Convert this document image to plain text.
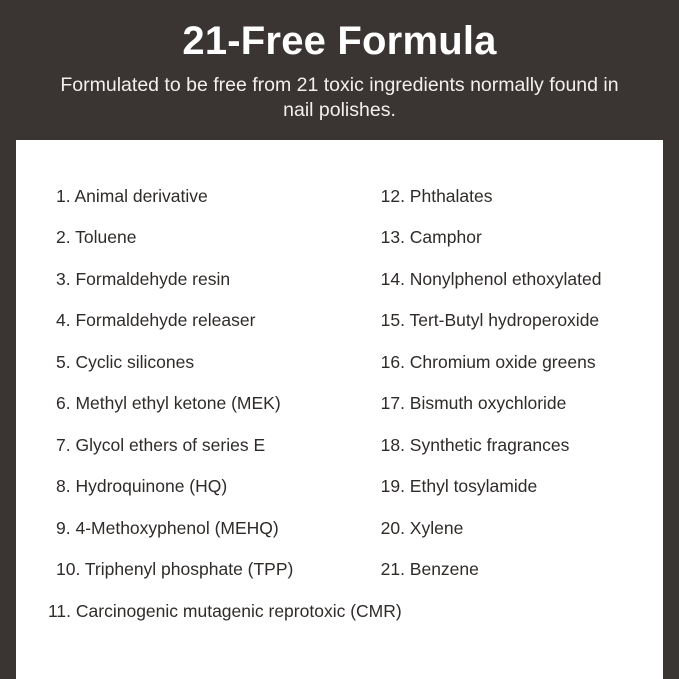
21-Free Formula

Formulated to be free from 21 toxic ingredients normally found in nail polishes.

1. Animal derivative
2. Toluene
3. Formaldehyde resin
4. Formaldehyde releaser
5. Cyclic silicones
6. Methyl ethyl ketone (MEK)
7. Glycol ethers of series E
8. Hydroquinone (HQ)
9. 4-Methoxyphenol (MEHQ)
10. Triphenyl phosphate (TPP)
12. Phthalates
13. Camphor
14. Nonylphenol ethoxylated
15. Tert-Butyl hydroperoxide
16. Chromium oxide greens
17. Bismuth oxychloride
18. Synthetic fragrances
19. Ethyl tosylamide
20. Xylene
21. Benzene
11. Carcinogenic mutagenic reprotoxic (CMR)
